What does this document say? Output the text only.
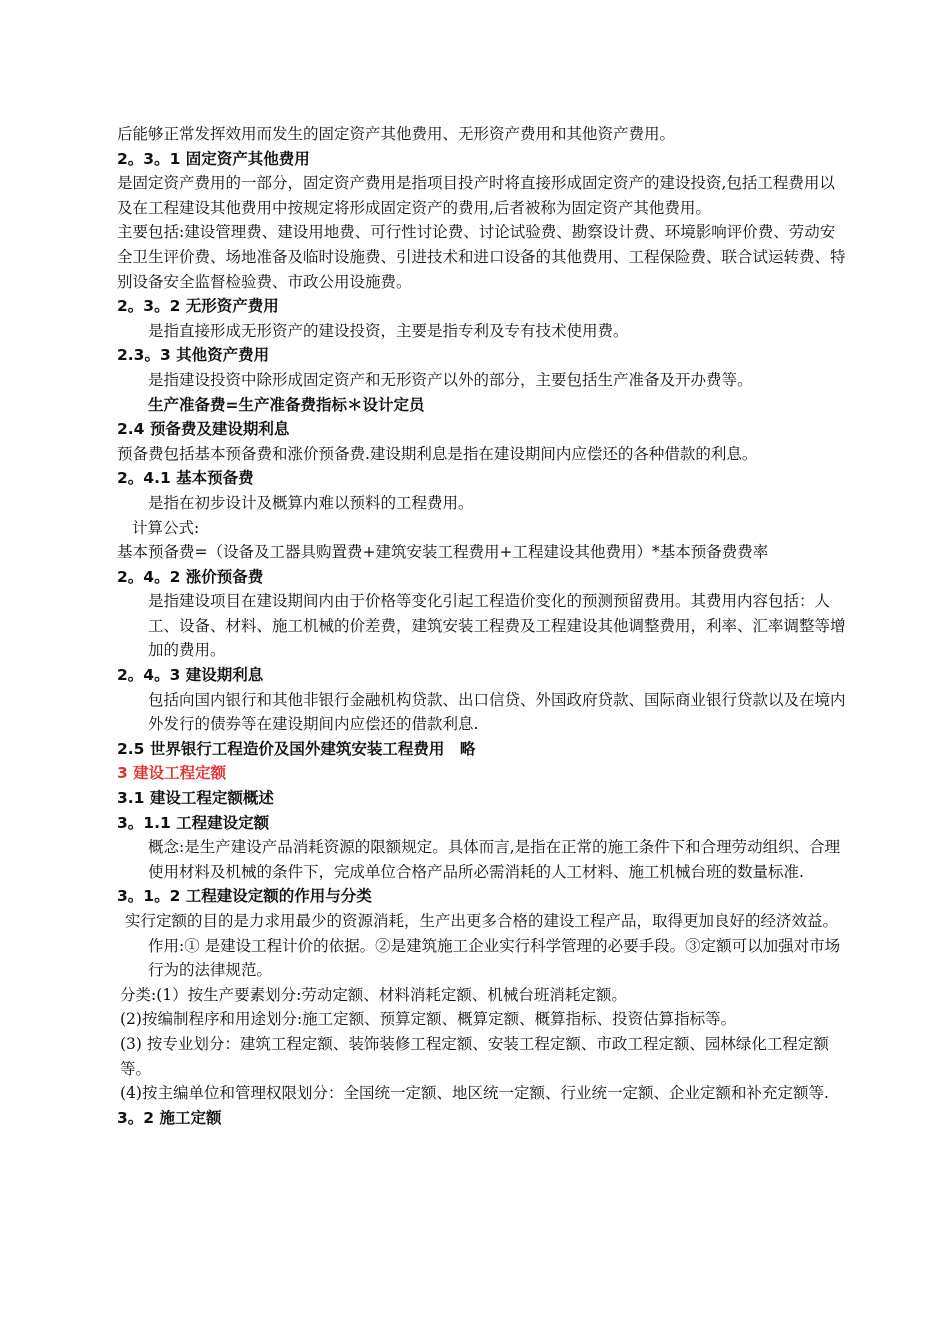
后能够正常发挥效用而发生的固定资产其他费用、无形资产费用和其他资产费用。
2。3。1 固定资产其他费用
是固定资产费用的一部分，固定资产费用是指项目投产时将直接形成固定资产的建设投资,包括工程费用以及在工程建设其他费用中按规定将形成固定资产的费用,后者被称为固定资产其他费用。
主要包括:建设管理费、建设用地费、可行性讨论费、讨论试验费、勘察设计费、环境影响评价费、劳动安全卫生评价费、场地准备及临时设施费、引进技术和进口设备的其他费用、工程保险费、联合试运转费、特别设备安全监督检验费、市政公用设施费。
2。3。2 无形资产费用
是指直接形成无形资产的建设投资，主要是指专利及专有技术使用费。
2.3。3 其他资产费用
是指建设投资中除形成固定资产和无形资产以外的部分，主要包括生产准备及开办费等。
生产准备费=生产准备费指标＊设计定员
2.4 预备费及建设期利息
预备费包括基本预备费和涨价预备费.建设期利息是指在建设期间内应偿还的各种借款的利息。
2。4.1 基本预备费
是指在初步设计及概算内难以预料的工程费用。
计算公式:
基本预备费=（设备及工器具购置费+建筑安装工程费用+工程建设其他费用）*基本预备费费率
2。4。2 涨价预备费
是指建设项目在建设期间内由于价格等变化引起工程造价变化的预测预留费用。其费用内容包括：人工、设备、材料、施工机械的价差费，建筑安装工程费及工程建设其他调整费用，利率、汇率调整等增加的费用。
2。4。3 建设期利息
包括向国内银行和其他非银行金融机构贷款、出口信贷、外国政府贷款、国际商业银行贷款以及在境内外发行的债券等在建设期间内应偿还的借款利息.
2.5 世界银行工程造价及国外建筑安装工程费用　略
3 建设工程定额
3.1 建设工程定额概述
3。1.1 工程建设定额
概念:是生产建设产品消耗资源的限额规定。具体而言,是指在正常的施工条件下和合理劳动组织、合理使用材料及机械的条件下，完成单位合格产品所必需消耗的人工材料、施工机械台班的数量标准.
3。1。2 工程建设定额的作用与分类
实行定额的目的是力求用最少的资源消耗，生产出更多合格的建设工程产品，取得更加良好的经济效益。
作用:① 是建设工程计价的依据。②是建筑施工企业实行科学管理的必要手段。③定额可以加强对市场行为的法律规范。
分类:(1）按生产要素划分:劳动定额、材料消耗定额、机械台班消耗定额。
(2)按编制程序和用途划分:施工定额、预算定额、概算定额、概算指标、投资估算指标等。
(3) 按专业划分：建筑工程定额、装饰装修工程定额、安装工程定额、市政工程定额、园林绿化工程定额等。
(4)按主编单位和管理权限划分：全国统一定额、地区统一定额、行业统一定额、企业定额和补充定额等.
3。2 施工定额
